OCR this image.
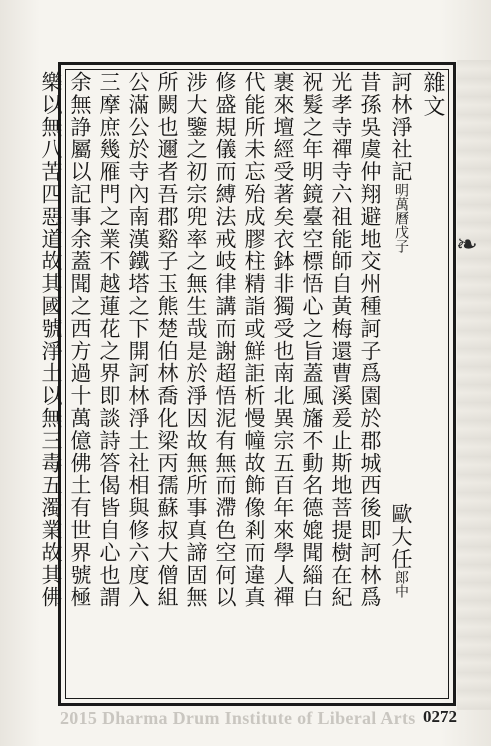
雜文
訶林淨社記明萬曆戊子歐大任郎中
昔孫吳虞仲翔避地交州種訶子爲園於郡城西後即訶林爲
光孝寺禪寺六祖能師自黃梅還曹溪爰止斯地菩提樹在紀
祝髮之年明鏡臺空標悟心之旨蓋風旛不動名德媲聞緇白
裹來壇經受著矣衣鉢非獨受也南北異宗五百年來學人禪
代能所未忘殆成膠柱精詣或鮮詎析慢幢故飾像剎而違真
修盛規儀而縛法戒岐律講而謝超悟泥有無而滯色空何以
涉大鑒之初宗兜率之無生哉是於淨因故無所事真諦固無
所闕也邇者吾郡谿子玉熊楚伯林喬化梁丙孺蘇叔大僧組
公滿公於寺內南漢鐵塔之下開訶林淨土社相與修六度入
三摩庶幾雁門之業不越蓮花之界即談詩答偈皆自心也謂
余無諍屬以記事余蓋聞之西方過十萬億佛土有世界號極
樂以無八苦四惡道故其國號淨土以無三毒五濁業故其佛	❧
2015 Dharma Drum Institute of Liberal Arts 0272
